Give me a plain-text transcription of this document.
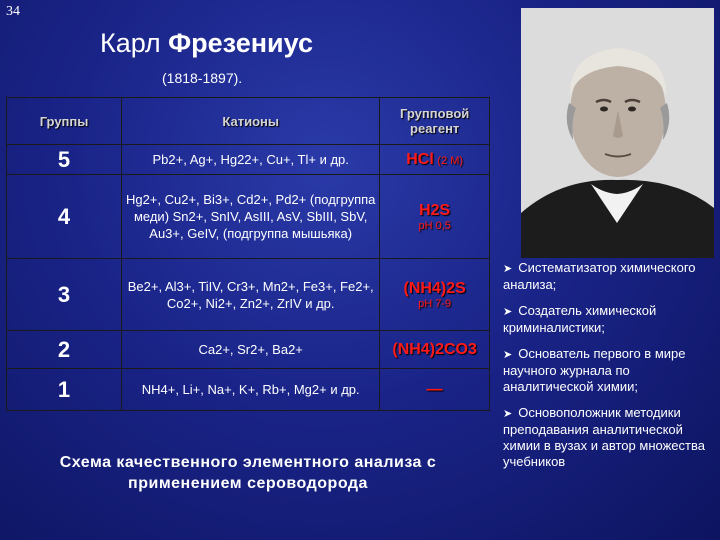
34
Карл Фрезениус
(1818-1897).
Группы	Катионы	Групповой реагент
5	Pb2+, Ag+, Hg22+, Cu+, Tl+ и др.	HCl (2 M)
4	Hg2+, Cu2+, Bi3+, Cd2+, Pd2+ (подгруппа меди) Sn2+, SnIV, AsIII, AsV, SbIII, SbV, Au3+, GeIV, (подгруппа мышьяка)	H2S
pH 0,5

3	Be2+, Al3+, TiIV, Cr3+, Mn2+, Fe3+, Fe2+, Co2+, Ni2+, Zn2+, ZrIV и др.	(NH4)2S
pH 7-9

2	Ca2+, Sr2+, Ba2+	(NH4)2CO3
1	NH4+, Li+, Na+, K+, Rb+, Mg2+ и др.	—
Схема качественного элементного анализа с применением сероводорода
➤ Систематизатор химического анализа;
➤ Создатель химической криминалистики;
➤ Основатель первого в мире научного журнала по аналитической химии;
➤ Основоположник методики преподавания аналитической химии в вузах и автор множества учебников
